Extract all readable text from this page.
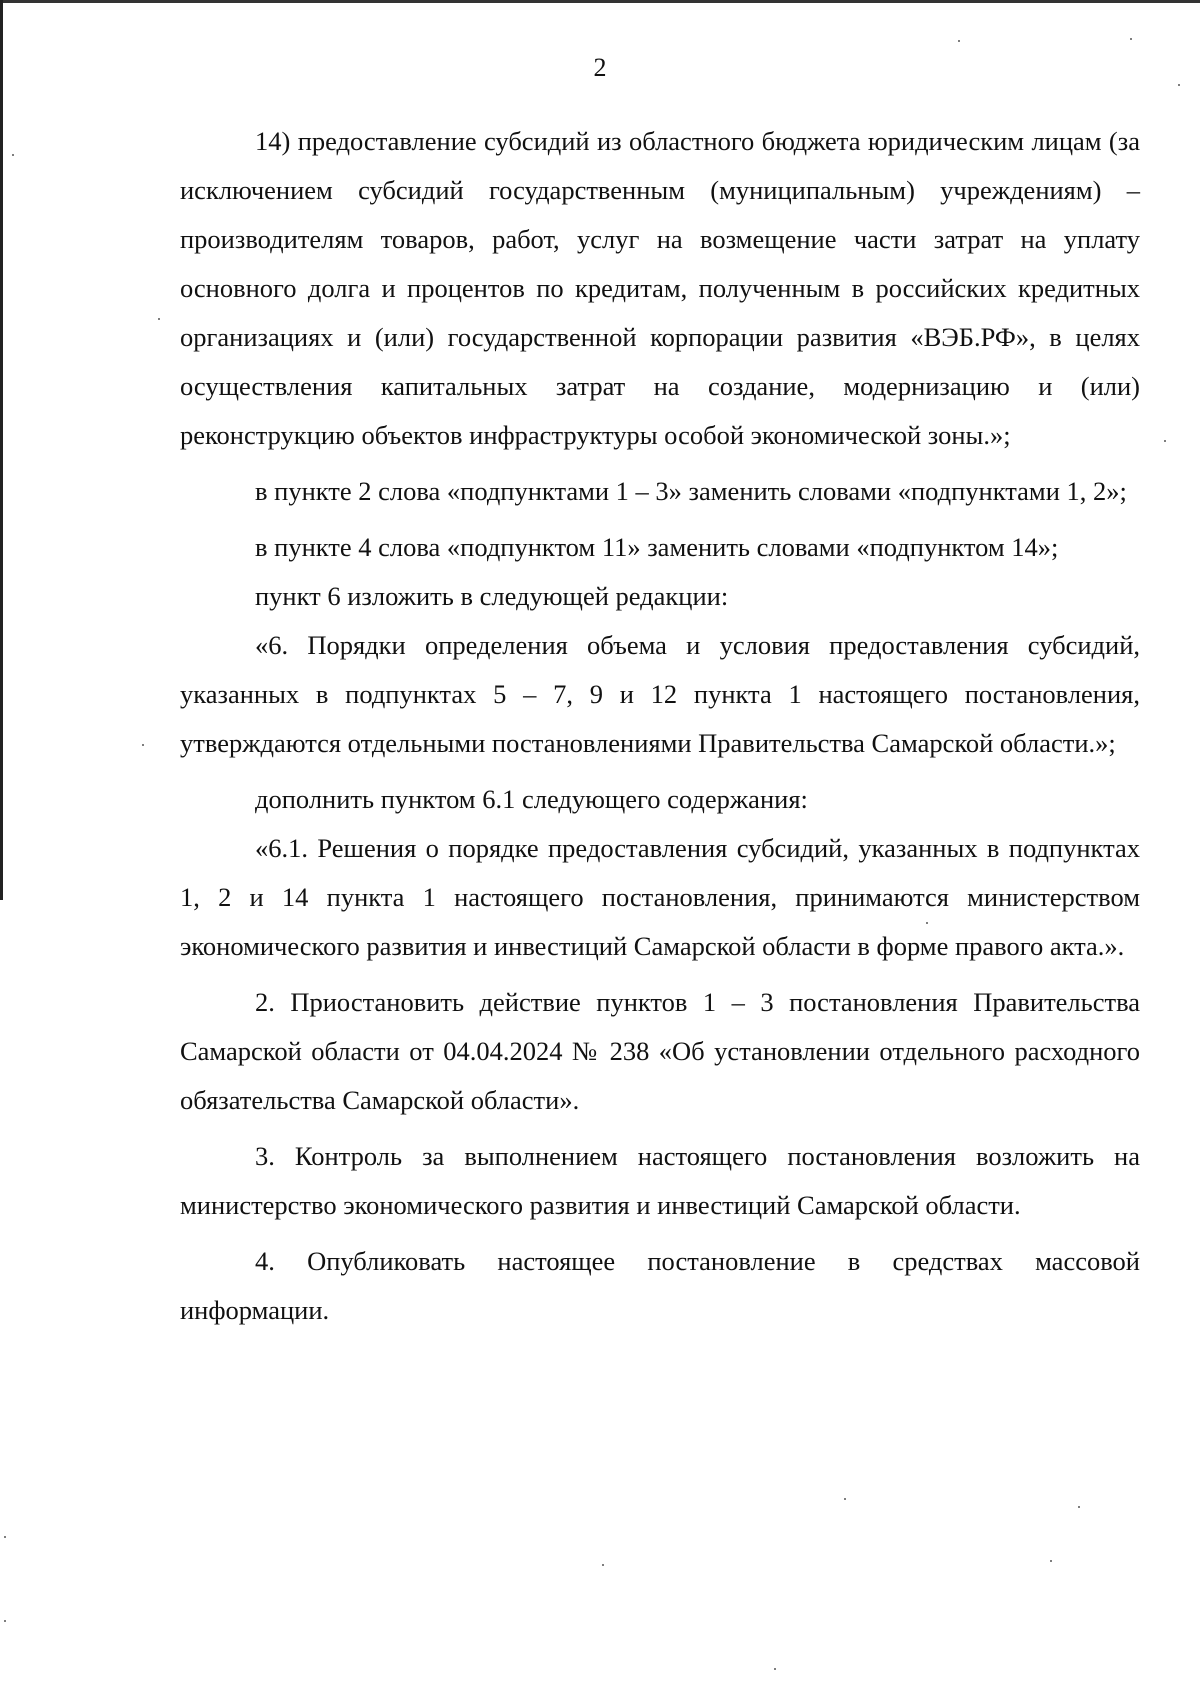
2

14) предоставление субсидий из областного бюджета юридическим лицам (за исключением субсидий государственным (муниципальным) учреждениям) – производителям товаров, работ, услуг на возмещение части затрат на уплату основного долга и процентов по кредитам, полученным в российских кредитных организациях и (или) государственной корпорации развития «ВЭБ.РФ», в целях осуществления капитальных затрат на создание, модернизацию и (или) реконструкцию объектов инфраструктуры особой экономической зоны.»;

в пункте 2 слова «подпунктами 1 – 3» заменить словами «подпунктами 1, 2»;

в пункте 4 слова «подпунктом 11» заменить словами «подпунктом 14»;

пункт 6 изложить в следующей редакции:

«6. Порядки определения объема и условия предоставления субсидий, указанных в подпунктах 5 – 7, 9 и 12 пункта 1 настоящего постановления, утверждаются отдельными постановлениями Правительства Самарской области.»;

дополнить пунктом 6.1 следующего содержания:

«6.1. Решения о порядке предоставления субсидий, указанных в подпунктах 1, 2 и 14 пункта 1 настоящего постановления, принимаются министерством экономического развития и инвестиций Самарской области в форме правого акта.».

2. Приостановить действие пунктов 1 – 3 постановления Правительства Самарской области от 04.04.2024 № 238 «Об установлении отдельного расходного обязательства Самарской области».

3. Контроль за выполнением настоящего постановления возложить на министерство экономического развития и инвестиций Самарской области.

4. Опубликовать настоящее постановление в средствах массовой информации.
